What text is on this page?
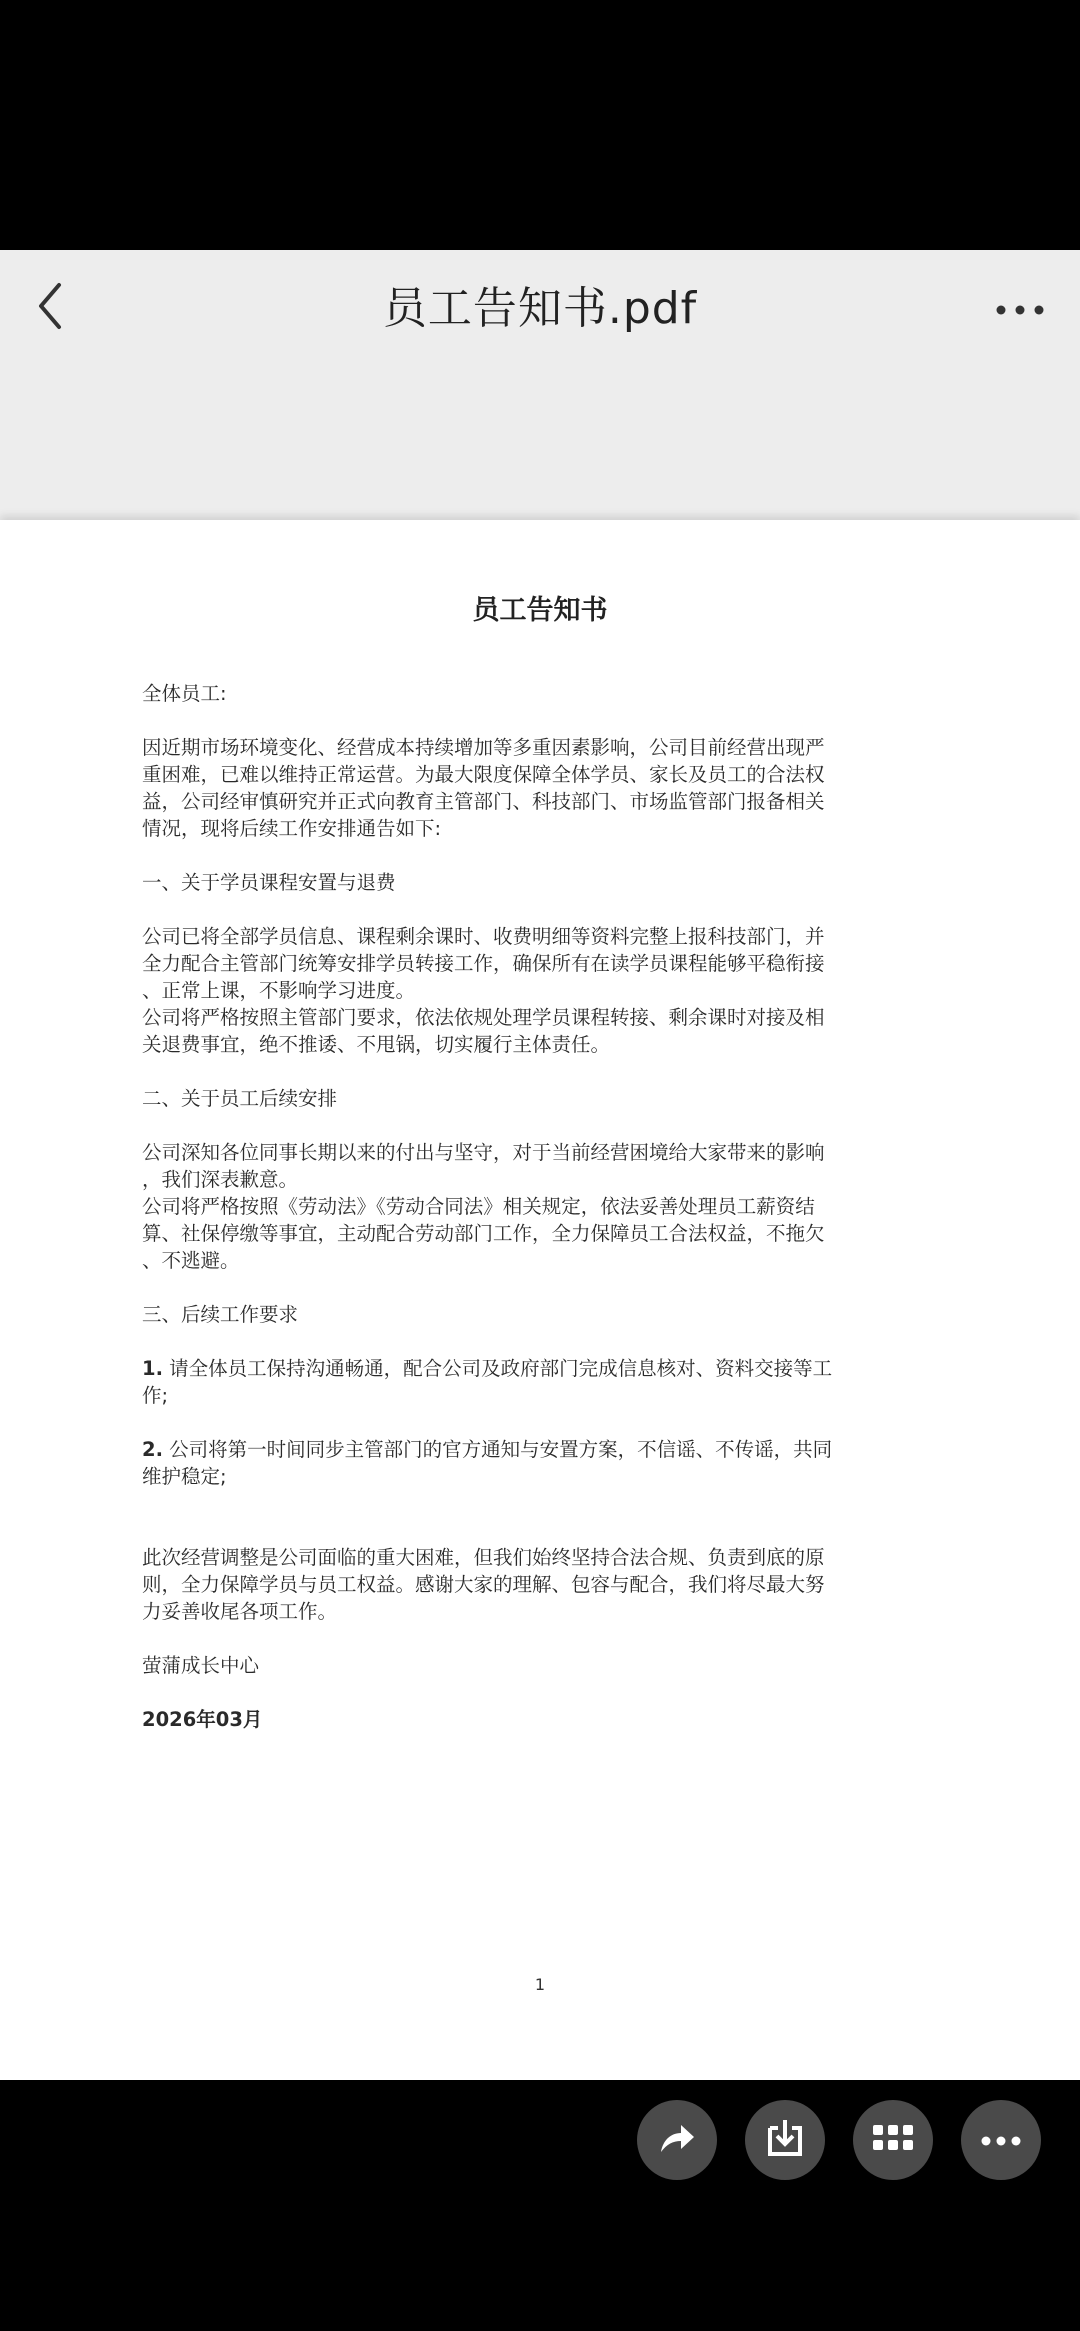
员工告知书.pdf
员工告知书

全体员工:

因近期市场环境变化、经营成本持续增加等多重因素影响，公司目前经营出现严
重困难，已难以维持正常运营。为最大限度保障全体学员、家长及员工的合法权
益，公司经审慎研究并正式向教育主管部门、科技部门、市场监管部门报备相关
情况，现将后续工作安排通告如下:

一、关于学员课程安置与退费

公司已将全部学员信息、课程剩余课时、收费明细等资料完整上报科技部门，并
全力配合主管部门统筹安排学员转接工作，确保所有在读学员课程能够平稳衔接
、正常上课，不影响学习进度。

公司将严格按照主管部门要求，依法依规处理学员课程转接、剩余课时对接及相
关退费事宜，绝不推诿、不甩锅，切实履行主体责任。

二、关于员工后续安排

公司深知各位同事长期以来的付出与坚守，对于当前经营困境给大家带来的影响
，我们深表歉意。

公司将严格按照《劳动法》《劳动合同法》相关规定，依法妥善处理员工薪资结
算、社保停缴等事宜，主动配合劳动部门工作，全力保障员工合法权益，不拖欠
、不逃避。

三、后续工作要求

1. 请全体员工保持沟通畅通，配合公司及政府部门完成信息核对、资料交接等工
作;

2. 公司将第一时间同步主管部门的官方通知与安置方案，不信谣、不传谣，共同
维护稳定;

此次经营调整是公司面临的重大困难，但我们始终坚持合法合规、负责到底的原
则，全力保障学员与员工权益。感谢大家的理解、包容与配合，我们将尽最大努
力妥善收尾各项工作。

萤蒲成长中心

2026年03月

1
